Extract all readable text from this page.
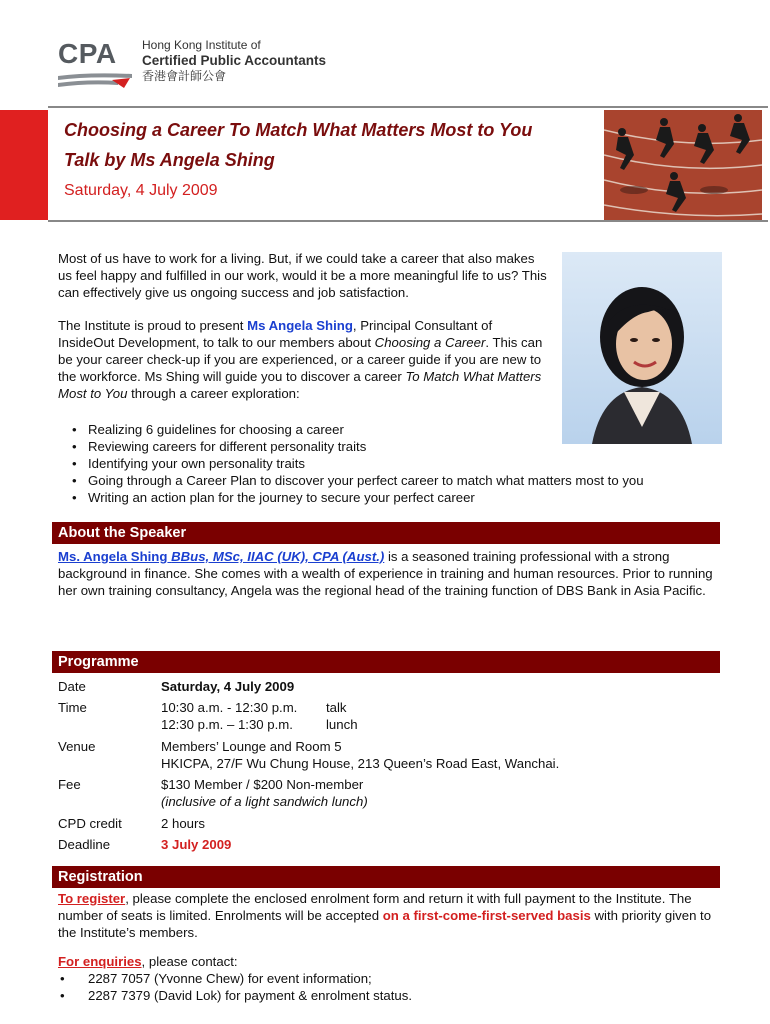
CPA Hong Kong Institute of
Certified Public Accountants
香港會計師公會
Choosing a Career To Match What Matters Most to You
Talk by Ms Angela Shing
Saturday, 4 July 2009

Most of us have to work for a living. But, if we could take a career that also makes us feel happy and fulfilled in our work, would it be a more meaningful life to us? This can effectively give us ongoing success and job satisfaction.

The Institute is proud to present Ms Angela Shing, Principal Consultant of InsideOut Development, to talk to our members about Choosing a Career. This can be your career check-up if you are experienced, or a career guide if you are new to the workforce. Ms Shing will guide you to discover a career To Match What Matters Most to You through a career exploration:

• Realizing 6 guidelines for choosing a career
• Reviewing careers for different personality traits
• Identifying your own personality traits
• Going through a Career Plan to discover your perfect career to match what matters most to you
• Writing an action plan for the journey to secure your perfect career
About the Speaker
Ms. Angela Shing BBus, MSc, IIAC (UK), CPA (Aust.) is a seasoned training professional with a strong background in finance. She comes with a wealth of experience in training and human resources. Prior to running her own training consultancy, Angela was the regional head of the training function of DBS Bank in Asia Pacific.
Programme
Date	Saturday, 4 July 2009
Time	10:30 a.m. - 12:30 p.m. talk
12:30 p.m. – 1:30 p.m.	lunch
Venue	Members’ Lounge and Room 5
HKICPA, 27/F Wu Chung House, 213 Queen’s Road East, Wanchai.
Fee	$130 Member / $200 Non-member
(inclusive of a light sandwich lunch)
CPD credit	2 hours
Deadline	3 July 2009
Registration
To register, please complete the enclosed enrolment form and return it with full payment to the Institute. The number of seats is limited. Enrolments will be accepted on a first-come-first-served basis with priority given to the Institute’s members.
For enquiries, please contact:
• 2287 7057 (Yvonne Chew) for event information;
• 2287 7379 (David Lok) for payment & enrolment status.
